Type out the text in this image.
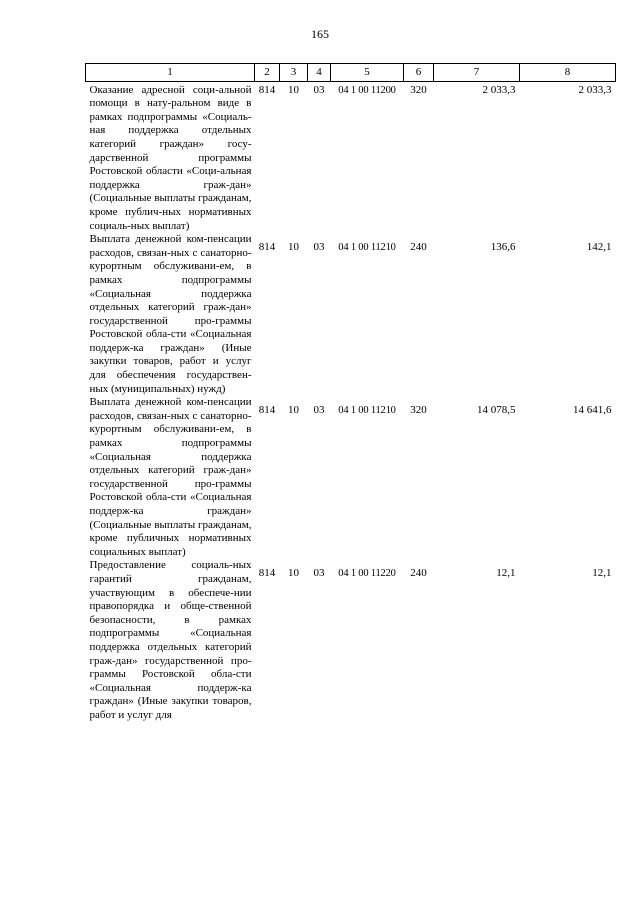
165
1	2	3	4	5	6	7	8
Оказание адресной соци-альной помощи в нату-ральном виде в рамках подпрограммы «Социаль-ная поддержка отдельных категорий граждан» госу-дарственной программы Ростовской области «Соци-альная поддержка граж-дан» (Социальные выплаты гражданам, кроме публич-ных нормативных социаль-ных выплат)	814	10	03	04 1 00 11200	320	2 033,3	2 033,3
Выплата денежной ком-пенсации расходов, связан-ных с санаторно-курортным обслуживани-ем, в рамках подпрограммы «Социальная поддержка отдельных категорий граж-дан» государственной про-граммы Ростовской обла-сти «Социальная поддерж-ка граждан» (Иные закупки товаров, работ и услуг для обеспечения государствен-ных (муниципальных) нужд)	814	10	03	04 1 00 11210	240	136,6	142,1
Выплата денежной ком-пенсации расходов, связан-ных с санаторно-курортным обслуживани-ем, в рамках подпрограммы «Социальная поддержка отдельных категорий граж-дан» государственной про-граммы Ростовской обла-сти «Социальная поддерж-ка граждан» (Социальные выплаты гражданам, кроме публичных нормативных социальных выплат)	814	10	03	04 1 00 11210	320	14 078,5	14 641,6
Предоставление социаль-ных гарантий гражданам, участвующим в обеспече-нии правопорядка и обще-ственной безопасности, в рамках подпрограммы «Социальная поддержка отдельных категорий граж-дан» государственной про-граммы Ростовской обла-сти «Социальная поддерж-ка граждан» (Иные закупки товаров, работ и услуг для	814	10	03	04 1 00 11220	240	12,1	12,1
